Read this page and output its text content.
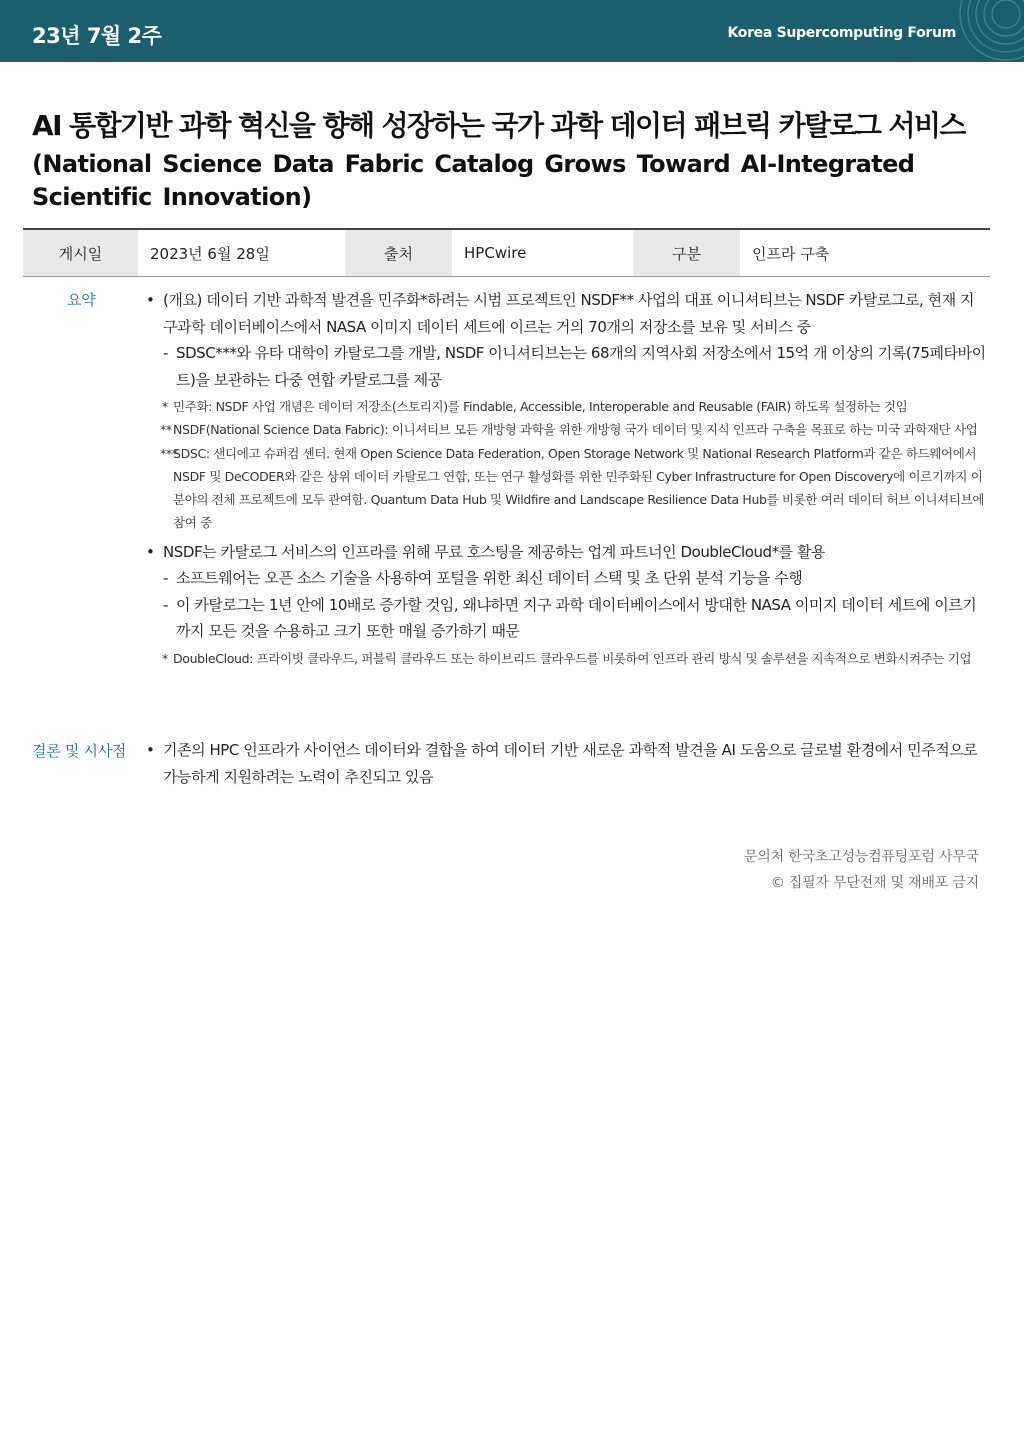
23년 7월 2주	Korea Supercomputing Forum
AI 통합기반 과학 혁신을 향해 성장하는 국가 과학 데이터 패브릭 카탈로그 서비스
(National Science Data Fabric Catalog Grows Toward AI-Integrated Scientific Innovation)
게시일	2023년 6월 28일	출처	HPCwire	구분	인프라 구축
요약	• (개요) 데이터 기반 과학적 발견을 민주화*하려는 시범 프로젝트인 NSDF** 사업의 대표 이니셔티브는 NSDF 카탈로그로, 현재 지구과학 데이터베이스에서 NASA 이미지 데이터 세트에 이르는 거의 70개의 저장소를 보유 및 서비스 중
- SDSC***와 유타 대학이 카탈로그를 개발, NSDF 이니셔티브는는 68개의 지역사회 저장소에서 15억 개 이상의 기록(75페타바이트)을 보관하는 다중 연합 카탈로그를 제공
* 민주화: NSDF 사업 개념은 데이터 저장소(스토리지)를 Findable, Accessible, Interoperable and Reusable (FAIR) 하도록 설정하는 것임
** NSDF(National Science Data Fabric): 이니셔티브 모든 개방형 과학을 위한 개방형 국가 데이터 및 지식 인프라 구축을 목표로 하는 미국 과학재단 사업
***
SDSC: 샌디에고 슈퍼컴 센터. 현재 Open Science Data Federation, Open Storage Network 및 National Research Platform과 같은 하드웨어에서 NSDF 및 DeCODER와 같은 상위 데이터 카탈로그 연합, 또는 연구 활성화를 위한 민주화된 Cyber Infrastructure for Open Discovery에 이르기까지 이 분야의 전체 프로젝트에 모두 관여함. Quantum Data Hub 및 Wildfire and Landscape Resilience Data Hub를 비롯한 여러 데이터 허브 이니셔티브에 참여 중
• NSDF는 카탈로그 서비스의 인프라를 위해 무료 호스팅을 제공하는 업계 파트너인 DoubleCloud*를 활용
- 소프트웨어는 오픈 소스 기술을 사용하여 포털을 위한 최신 데이터 스택 및 초 단위 분석 기능을 수행
- 이 카탈로그는 1년 안에 10배로 증가할 것임, 왜냐하면 지구 과학 데이터베이스에서 방대한 NASA 이미지 데이터 세트에 이르기까지 모든 것을 수용하고 크기 또한 매월 증가하기 때문
* DoubleCloud: 프라이빗 클라우드, 퍼블릭 클라우드 또는 하이브리드 클라우드를 비롯하여 인프라 관리 방식 및 솔루션을 지속적으로 변화시켜주는 기업
결론 및 시사점 • 기존의 HPC 인프라가 사이언스 데이터와 결합을 하여 데이터 기반 새로운 과학적 발견을 AI 도움으로 글로벌 환경에서 민주적으로 가능하게 지원하려는 노력이 추진되고 있음
문의처 한국초고성능컴퓨팅포럼 사무국
© 집필자 무단전재 및 재배포 금지
